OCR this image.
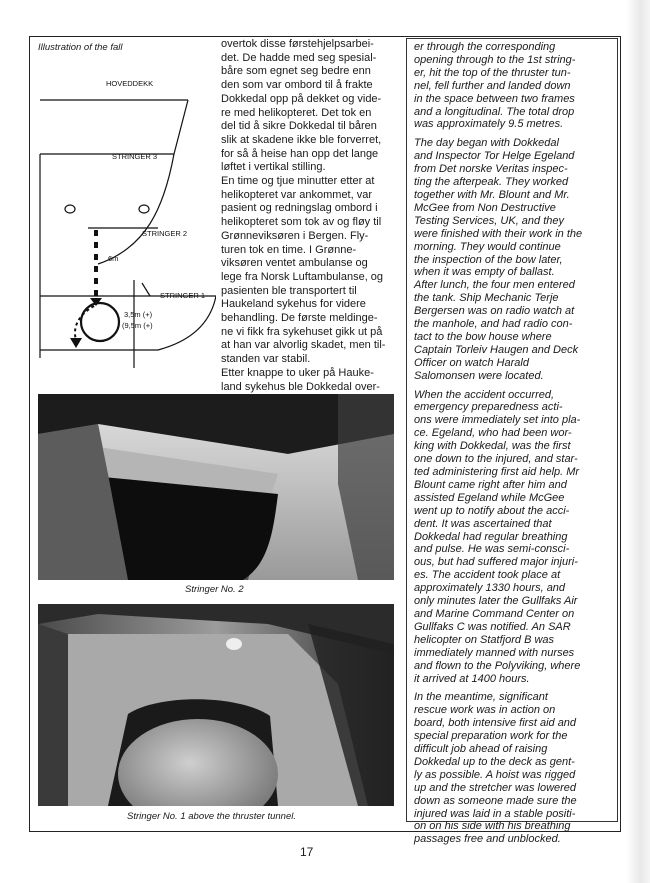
Illustration of the fall
HOVEDDEKK
STRINGER 3
STRINGER 2
STRINGER 1
6m
3,5m (+)
(9,5m (+)

overtok disse førstehjelpsarbei-
det. De hadde med seg spesial-
båre som egnet seg bedre enn
den som var ombord til å frakte
Dokkedal opp på dekket og vide-
re med helikopteret. Det tok en
del tid å sikre Dokkedal til båren
slik at skadene ikke ble forverret,
for så å heise han opp det lange
løftet i vertikal stilling.
En time og tjue minutter etter at
helikopteret var ankommet, var
pasient og redningslag ombord i
helikopteret som tok av og fløy til
Grønneviksøren i Bergen. Fly-
turen tok en time. I Grønne-
viksøren ventet ambulanse og
lege fra Norsk Luftambulanse, og
pasienten ble transportert til
Haukeland sykehus for videre
behandling. De første meldinge-
ne vi fikk fra sykehuset gikk ut på
at han var alvorlig skadet, men til-
standen var stabil.
Etter knappe to uker på Hauke-
land sykehus ble Dokkedal over-

er through the corresponding
opening through to the 1st string-
er, hit the top of the thruster tun-
nel, fell further and landed down
in the space between two frames
and a longitudinal. The total drop
was approximately 9.5 metres.

The day began with Dokkedal
and Inspector Tor Helge Egeland
from Det norske Veritas inspec-
ting the afterpeak. They worked
together with Mr. Blount and Mr.
McGee from Non Destructive
Testing Services, UK, and they
were finished with their work in the
morning. They would continue
the inspection of the bow later,
when it was empty of ballast.
After lunch, the four men entered
the tank. Ship Mechanic Terje
Bergersen was on radio watch at
the manhole, and had radio con-
tact to the bow house where
Captain Torleiv Haugen and Deck
Officer on watch Harald
Salomonsen were located.

When the accident occurred,
emergency preparedness acti-
ons were immediately set into pla-
ce. Egeland, who had been wor-
king with Dokkedal, was the first
one down to the injured, and star-
ted administering first aid help. Mr
Blount came right after him and
assisted Egeland while McGee
went up to notify about the acci-
dent. It was ascertained that
Dokkedal had regular breathing
and pulse. He was semi-consci-
ous, but had suffered major injuri-
es. The accident took place at
approximately 1330 hours, and
only minutes later the Gullfaks Air
and Marine Command Center on
Gullfaks C was notified. An SAR
helicopter on Statfjord B was
immediately manned with nurses
and flown to the Polyviking, where
it arrived at 1400 hours.

In the meantime, significant
rescue work was in action on
board, both intensive first aid and
special preparation work for the
difficult job ahead of raising
Dokkedal up to the deck as gent-
ly as possible. A hoist was rigged
up and the stretcher was lowered
down as someone made sure the
injured was laid in a stable positi-
on on his side with his breathing
passages free and unblocked.

Stringer No. 2
Stringer No. 1 above the thruster tunnel.
17
